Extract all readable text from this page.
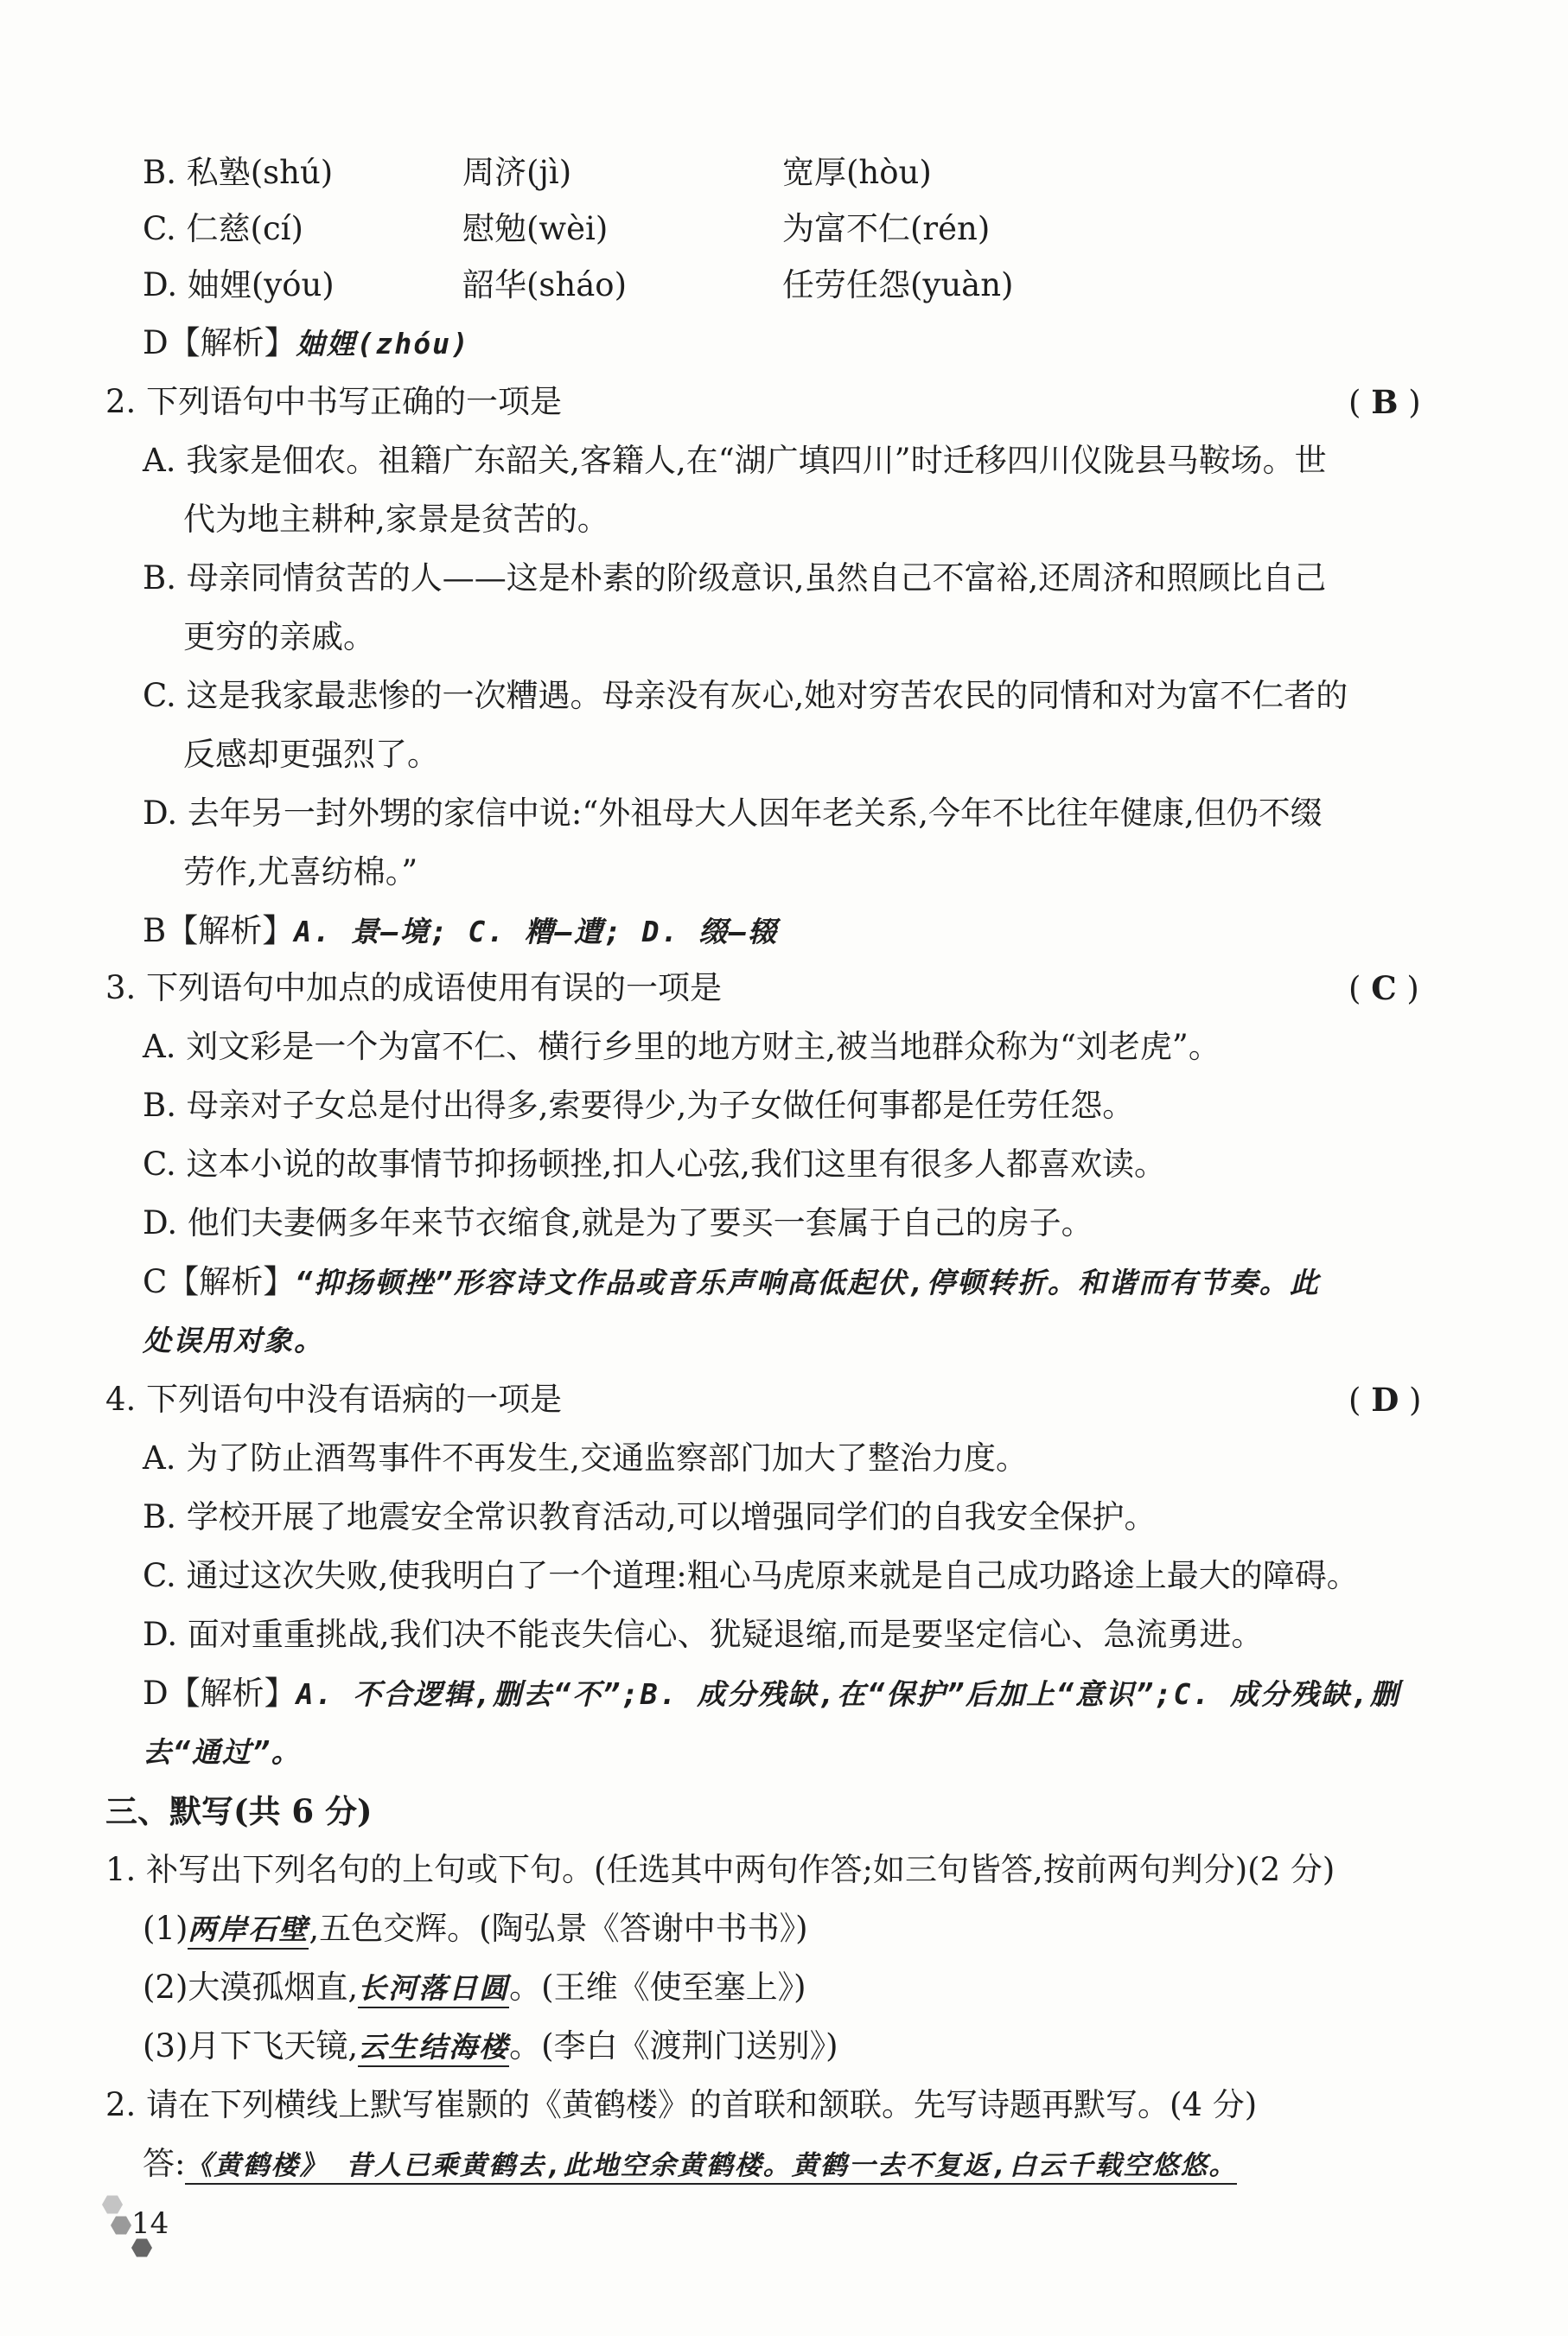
B. 私塾(shú)	周济(jì)	宽厚(hòu)
C. 仁慈(cí)	慰勉(wèi)	为富不仁(rén)
D. 妯娌(yóu)	韶华(sháo)	任劳任怨(yuàn)
D【解析】妯娌(zhóu)
2. 下列语句中书写正确的一项是	( B )
A. 我家是佃农。祖籍广东韶关,客籍人,在“湖广填四川”时迁移四川仪陇县马鞍场。世
代为地主耕种,家景是贫苦的。
B. 母亲同情贫苦的人——这是朴素的阶级意识,虽然自己不富裕,还周济和照顾比自己
更穷的亲戚。
C. 这是我家最悲惨的一次糟遇。母亲没有灰心,她对穷苦农民的同情和对为富不仁者的
反感却更强烈了。
D. 去年另一封外甥的家信中说:“外祖母大人因年老关系,今年不比往年健康,但仍不缀
劳作,尤喜纺棉。”
B【解析】A. 景—境; C. 糟—遭; D. 缀—辍
3. 下列语句中加点的成语使用有误的一项是	( C )
A. 刘文彩是一个为富不仁、横行乡里的地方财主,被当地群众称为“刘老虎”。
B. 母亲对子女总是付出得多,索要得少,为子女做任何事都是任劳任怨。
C. 这本小说的故事情节抑扬顿挫,扣人心弦,我们这里有很多人都喜欢读。
D. 他们夫妻俩多年来节衣缩食,就是为了要买一套属于自己的房子。
C【解析】“抑扬顿挫”形容诗文作品或音乐声响高低起伏,停顿转折。和谐而有节奏。此
处误用对象。
4. 下列语句中没有语病的一项是	( D )
A. 为了防止酒驾事件不再发生,交通监察部门加大了整治力度。
B. 学校开展了地震安全常识教育活动,可以增强同学们的自我安全保护。
C. 通过这次失败,使我明白了一个道理:粗心马虎原来就是自己成功路途上最大的障碍。
D. 面对重重挑战,我们决不能丧失信心、犹疑退缩,而是要坚定信心、急流勇进。
D【解析】A. 不合逻辑,删去“不”;B. 成分残缺,在“保护”后加上“意识”;C. 成分残缺,删
去“通过”。
三、默写(共 6 分)
1. 补写出下列名句的上句或下句。(任选其中两句作答;如三句皆答,按前两句判分)(2 分)
(1)两岸石壁,五色交辉。(陶弘景《答谢中书书》)
(2)大漠孤烟直,长河落日圆。(王维《使至塞上》)
(3)月下飞天镜,云生结海楼。(李白《渡荆门送别》)
2. 请在下列横线上默写崔颢的《黄鹤楼》的首联和颔联。先写诗题再默写。(4 分)
答:《黄鹤楼》 昔人已乘黄鹤去,此地空余黄鹤楼。黄鹤一去不复返,白云千载空悠悠。
14
